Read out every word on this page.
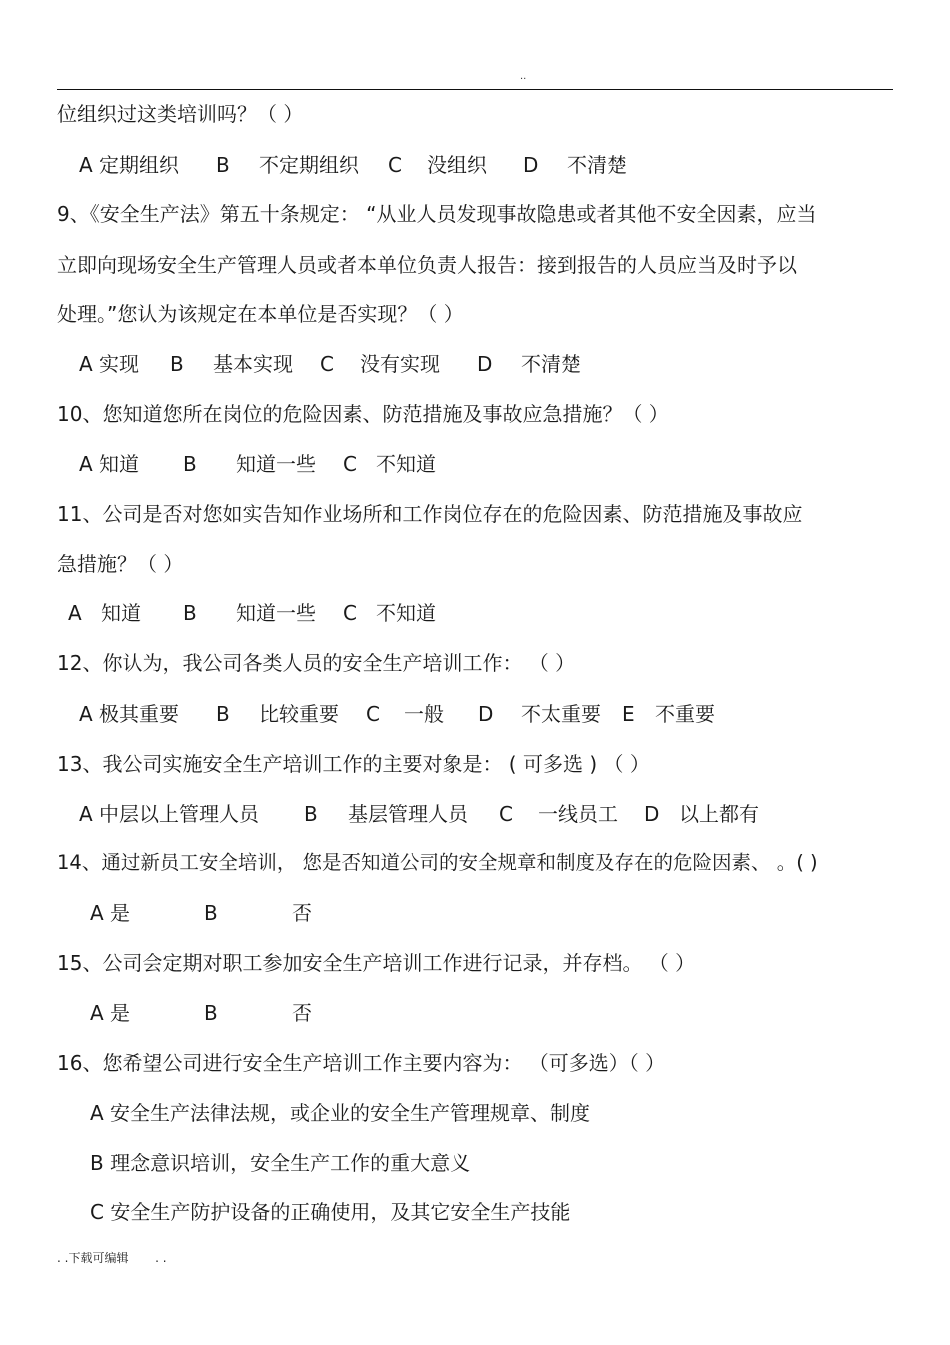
..
位组织过这类培训吗？（ ）
A 定期组织 B 不定期组织 C 没组织 D 不清楚
9、《安全生产法》第五十条规定： “从业人员发现事故隐患或者其他不安全因素，应当
立即向现场安全生产管理人员或者本单位负责人报告：接到报告的人员应当及时予以
处理。”您认为该规定在本单位是否实现？（ ）
A 实现 B 基本实现 C 没有实现 D 不清楚
10、您知道您所在岗位的危险因素、防范措施及事故应急措施？（ ）
A 知道 B 知道一些 C 不知道
11、公司是否对您如实告知作业场所和工作岗位存在的危险因素、防范措施及事故应
急措施？（ ）
A 知道 B 知道一些 C 不知道
12、你认为，我公司各类人员的安全生产培训工作： （ ）
A 极其重要 B 比较重要 C 一般 D 不太重要 E 不重要
13、我公司实施安全生产培训工作的主要对象是： ( 可多选 ) （ ）
A 中层以上管理人员 B 基层管理人员 C 一线员工 D 以上都有
14、通过新员工安全培训， 您是否知道公司的安全规章和制度及存在的危险因素、 。( )
A 是	B	否
15、公司会定期对职工参加安全生产培训工作进行记录，并存档。 （ ）
A 是	B	否
16、您希望公司进行安全生产培训工作主要内容为： （可多选）（ ）
A 安全生产法律法规，或企业的安全生产管理规章、制度
B 理念意识培训，安全生产工作的重大意义
C 安全生产防护设备的正确使用，及其它安全生产技能
. .下载可编辑       . .
